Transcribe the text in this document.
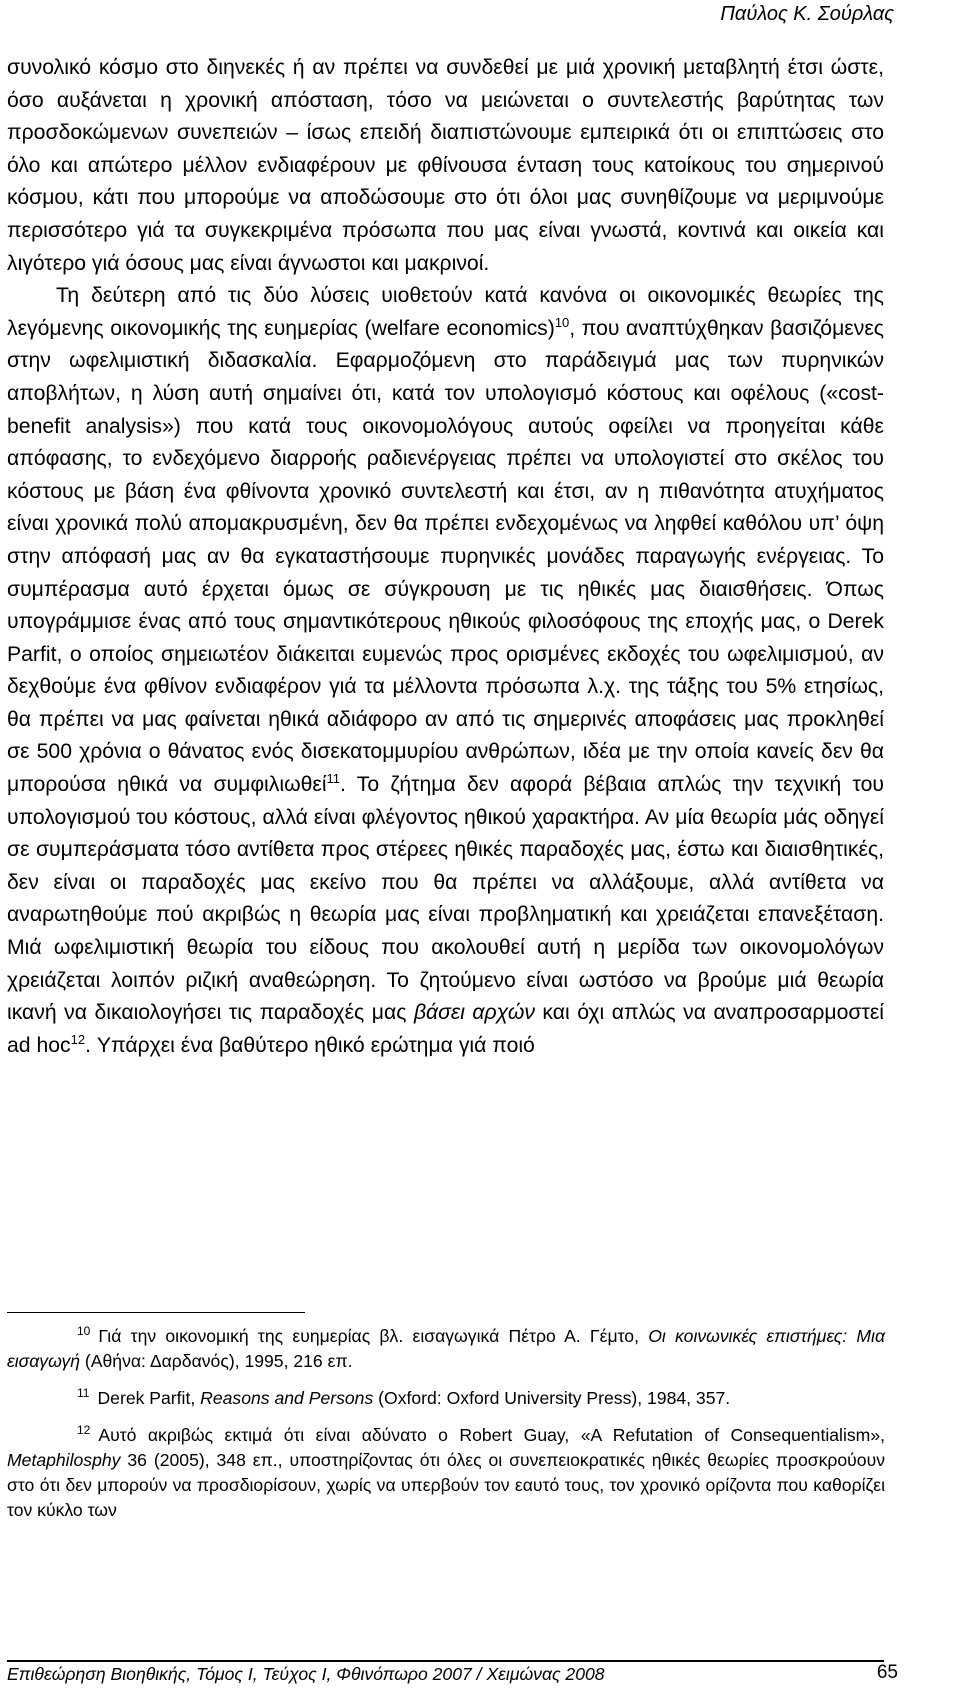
Παύλος Κ. Σούρλας

συνολικό κόσμο στο διηνεκές ή αν πρέπει να συνδεθεί με μιά χρονική μεταβλητή έτσι ώστε, όσο αυξάνεται η χρονική απόσταση, τόσο να μειώνεται ο συντελεστής βαρύτητας των προσδοκώμενων συνεπειών – ίσως επειδή διαπιστώνουμε εμπειρικά ότι οι επιπτώσεις στο όλο και απώτερο μέλλον ενδιαφέρουν με φθίνουσα ένταση τους κατοίκους του σημερινού κόσμου, κάτι που μπορούμε να αποδώσουμε στο ότι όλοι μας συνηθίζουμε να μεριμνούμε περισσότερο γιά τα συγκεκριμένα πρόσωπα που μας είναι γνωστά, κοντινά και οικεία και λιγότερο γιά όσους μας είναι άγνωστοι και μακρινοί.

Τη δεύτερη από τις δύο λύσεις υιοθετούν κατά κανόνα οι οικονομικές θεωρίες της λεγόμενης οικονομικής της ευημερίας (welfare economics)$^{10}$, που αναπτύχθηκαν βασιζόμενες στην ωφελιμιστική διδασκαλία. Εφαρμοζόμενη στο παράδειγμά μας των πυρηνικών αποβλήτων, η λύση αυτή σημαίνει ότι, κατά τον υπολογισμό κόστους και οφέλους («cost-benefit analysis») που κατά τους οικονομολόγους αυτούς οφείλει να προηγείται κάθε απόφασης, το ενδεχόμενο διαρροής ραδιενέργειας πρέπει να υπολογιστεί στο σκέλος του κόστους με βάση ένα φθίνοντα χρονικό συντελεστή και έτσι, αν η πιθανότητα ατυχήματος είναι χρονικά πολύ απομακρυσμένη, δεν θα πρέπει ενδεχομένως να ληφθεί καθόλου υπ’ όψη στην απόφασή μας αν θα εγκαταστήσουμε πυρηνικές μονάδες παραγωγής ενέργειας. Το συμπέρασμα αυτό έρχεται όμως σε σύγκρουση με τις ηθικές μας διαισθήσεις. Όπως υπογράμμισε ένας από τους σημαντικότερους ηθικούς φιλοσόφους της εποχής μας, ο Derek Parfit, ο οποίος σημειωτέον διάκειται ευμενώς προς ορισμένες εκδοχές του ωφελιμισμού, αν δεχθούμε ένα φθίνον ενδιαφέρον γιά τα μέλλοντα πρόσωπα λ.χ. της τάξης του 5% ετησίως, θα πρέπει να μας φαίνεται ηθικά αδιάφορο αν από τις σημερινές αποφάσεις μας προκληθεί σε 500 χρόνια ο θάνατος ενός δισεκατομμυρίου ανθρώπων, ιδέα με την οποία κανείς δεν θα μπορούσα ηθικά να συμφιλιωθεί$^{11}$. Το ζήτημα δεν αφορά βέβαια απλώς την τεχνική του υπολογισμού του κόστους, αλλά είναι φλέγοντος ηθικού χαρακτήρα. Αν μία θεωρία μάς οδηγεί σε συμπεράσματα τόσο αντίθετα προς στέρεες ηθικές παραδοχές μας, έστω και διαισθητικές, δεν είναι οι παραδοχές μας εκείνο που θα πρέπει να αλλάξουμε, αλλά αντίθετα να αναρωτηθούμε πού ακριβώς η θεωρία μας είναι προβληματική και χρειάζεται επανεξέταση. Μιά ωφελιμιστική θεωρία του είδους που ακολουθεί αυτή η μερίδα των οικονομολόγων χρειάζεται λοιπόν ριζική αναθεώρηση. Το ζητούμενο είναι ωστόσο να βρούμε μιά θεωρία ικανή να δικαιολογήσει τις παραδοχές μας βάσει αρχών και όχι απλώς να αναπροσαρμοστεί ad hoc$^{12}$. Υπάρχει ένα βαθύτερο ηθικό ερώτημα γιά ποιό

$^{10}$ Γιά την οικονομική της ευημερίας βλ. εισαγωγικά Πέτρο Α. Γέμτο, Οι κοινωνικές επιστήμες: Μια εισαγωγή (Αθήνα: Δαρδανός), 1995, 216 επ.

$^{11}$ Derek Parfit, Reasons and Persons (Oxford: Oxford University Press), 1984, 357.

$^{12}$ Αυτό ακριβώς εκτιμά ότι είναι αδύνατο ο Robert Guay, «A Refutation of Consequentialism», Metaphilosphy 36 (2005), 348 επ., υποστηρίζοντας ότι όλες οι συνεπειοκρατικές ηθικές θεωρίες προσκρούουν στο ότι δεν μπορούν να προσδιορίσουν, χωρίς να υπερβούν τον εαυτό τους, τον χρονικό ορίζοντα που καθορίζει τον κύκλο των

Επιθεώρηση Βιοηθικής, Τόμος Ι, Τεύχος Ι, Φθινόπωρο 2007 / Χειμώνας 2008	65
